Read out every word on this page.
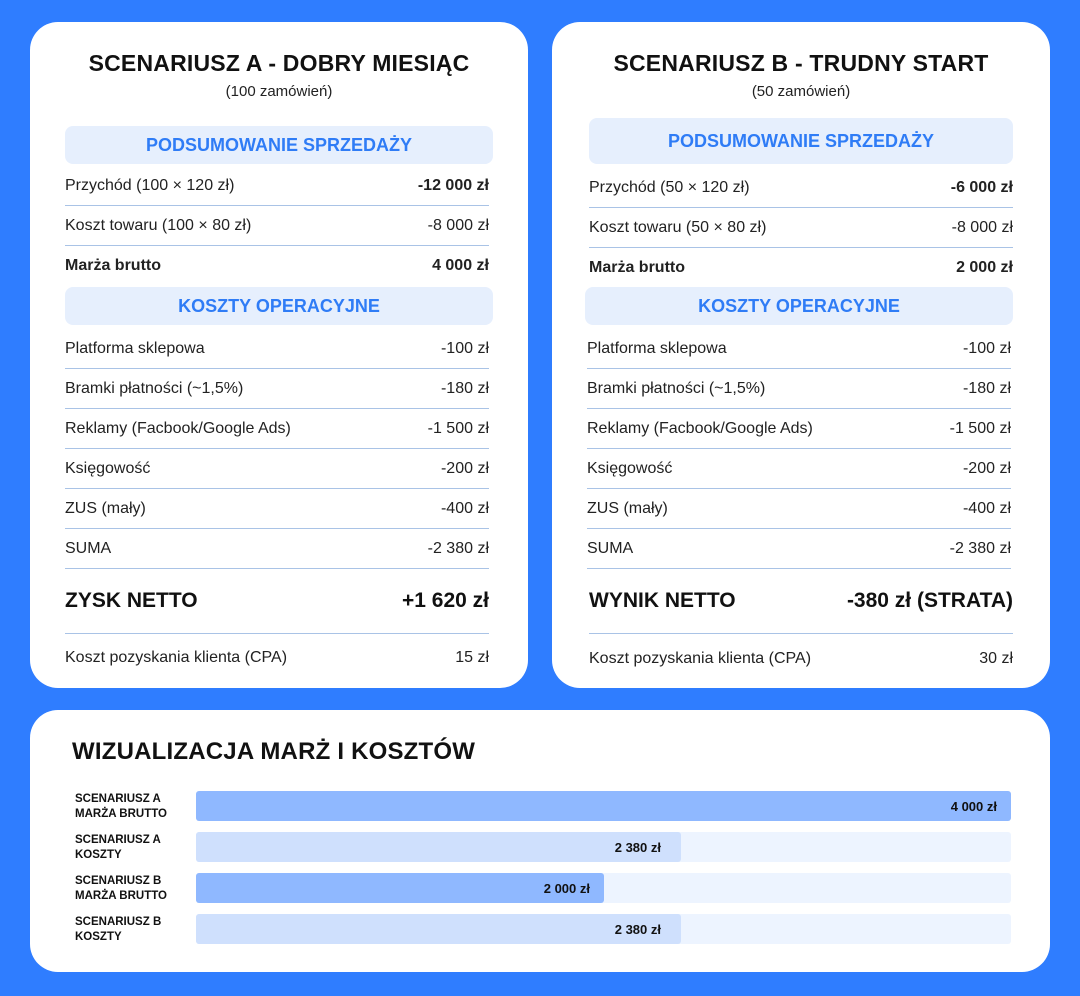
SCENARIUSZ A - DOBRY MIESIĄC
(100 zamówień)
PODSUMOWANIE SPRZEDAŻY
Przychód (100 × 120 zł)	-12 000 zł
Koszt towaru (100 × 80 zł)	-8 000 zł
Marża brutto	4 000 zł
KOSZTY OPERACYJNE
Platforma sklepowa	-100 zł
Bramki płatności (~1,5%)	-180 zł
Reklamy (Facbook/Google Ads)	-1 500 zł
Księgowość	-200 zł
ZUS (mały)	-400 zł
SUMA	-2 380 zł
ZYSK NETTO	+1 620 zł
Koszt pozyskania klienta (CPA)	15 zł
SCENARIUSZ B - TRUDNY START
(50 zamówień)
PODSUMOWANIE SPRZEDAŻY
Przychód (50 × 120 zł)	-6 000 zł
Koszt towaru (50 × 80 zł)	-8 000 zł
Marża brutto	2 000 zł
KOSZTY OPERACYJNE
Platforma sklepowa	-100 zł
Bramki płatności (~1,5%)	-180 zł
Reklamy (Facbook/Google Ads)	-1 500 zł
Księgowość	-200 zł
ZUS (mały)	-400 zł
SUMA	-2 380 zł
WYNIK NETTO	-380 zł (STRATA)
Koszt pozyskania klienta (CPA)	30 zł
WIZUALIZACJA MARŻ I KOSZTÓW
SCENARIUSZ A
MARŻA BRUTTO
4 000 zł
SCENARIUSZ A
KOSZTY
2 380 zł
SCENARIUSZ B
MARŻA BRUTTO
2 000 zł
SCENARIUSZ B
KOSZTY
2 380 zł
